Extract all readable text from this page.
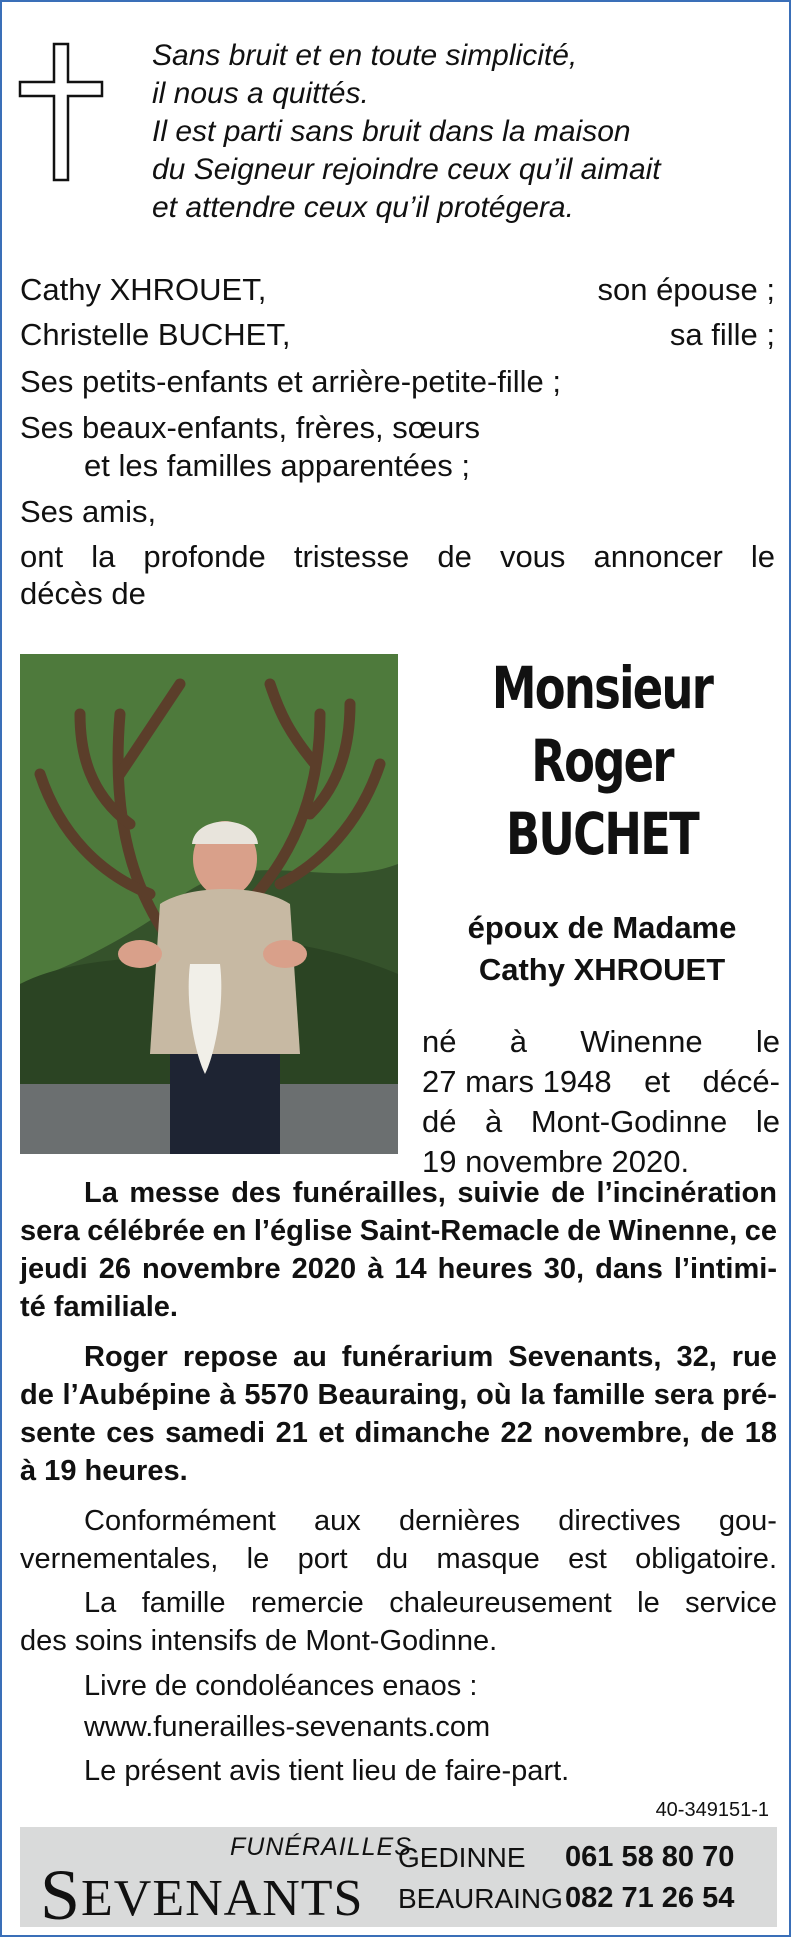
Sans bruit et en toute simplicité,
il nous a quittés.
Il est parti sans bruit dans la maison
du Seigneur rejoindre ceux qu’il aimait
et attendre ceux qu’il protégera.
Cathy XHROUET,	son épouse ;
Christelle BUCHET,	sa fille ;
Ses petits-enfants et arrière-petite-fille ;
Ses beaux-enfants, frères, sœurs
et les familles apparentées ;
Ses amis,
ont la profonde tristesse de vous annoncer le
décès de
Monsieur
Roger
BUCHET
époux de Madame
Cathy XHROUET
né à Winenne le
27 mars 1948 et décé-
dé à Mont-Godinne le
19 novembre 2020.
La messe des funérailles, suivie de l’incinération
sera célébrée en l’église Saint-Remacle de Winenne, ce
jeudi 26 novembre 2020 à 14 heures 30, dans l’intimi-
té familiale.
Roger repose au funérarium Sevenants, 32, rue
de l’Aubépine à 5570 Beauraing, où la famille sera pré-
sente ces samedi 21 et dimanche 22 novembre, de 18
à 19 heures.
Conformément aux dernières directives gou-
vernementales, le port du masque est obligatoire.
La famille remercie chaleureusement le service
des soins intensifs de Mont-Godinne.
Livre de condoléances enaos :
www.funerailles-sevenants.com
Le présent avis tient lieu de faire-part.
40-349151-1
FUNÉRAILLES
SEVENANTS
GEDINNE 061 58 80 70
BEAURAING 082 71 26 54
